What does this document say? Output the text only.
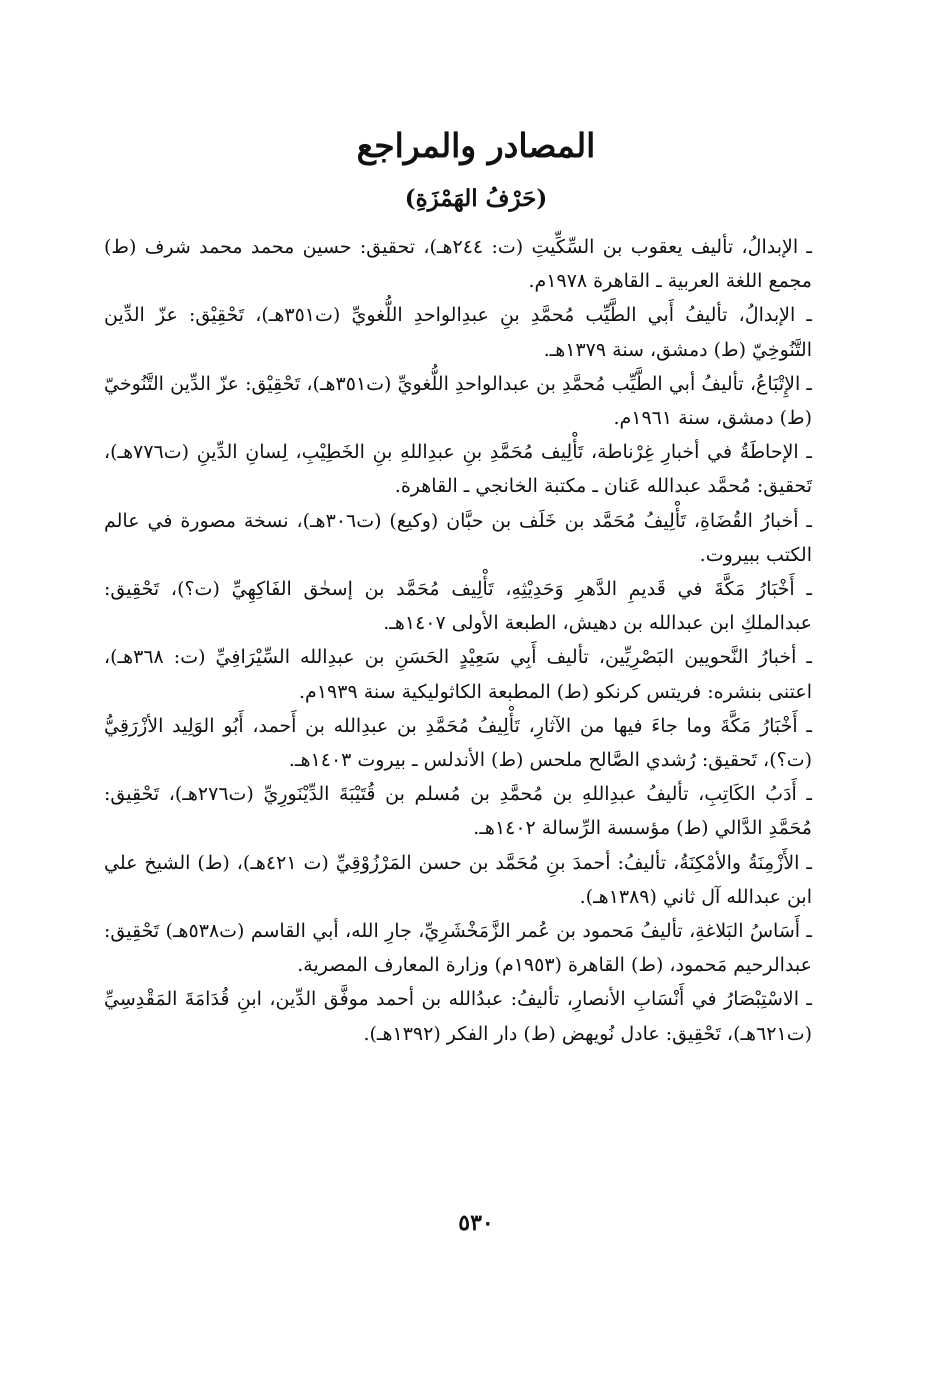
المصادر والمراجع
(حَرْفُ الهَمْزَةِ)
ـ الإبدالُ، تأليف يعقوب بن السِّكِّيتِ (ت: ٢٤٤هـ)، تحقيق: حسين محمد محمد شرف (ط) مجمع اللغة العربية ـ القاهرة ١٩٧٨م.
ـ الإبدالُ، تأليفُ أَبي الطَّيِّب مُحمَّدِ بنِ عبدِالواحدِ اللُّغويِّ (ت٣٥١هـ)، تَحْقِيْق: عزّ الدِّين التَّنُوخِيّ (ط) دمشق، سنة ١٣٧٩هـ.
ـ الإِتْبَاعُ، تأليفُ أبي الطَّيِّب مُحمَّدِ بن عبدالواحدِ اللُّغويِّ (ت٣٥١هـ)، تَحْقِيْق: عزّ الدِّين التَّنُوخيّ (ط) دمشق، سنة ١٩٦١م.
ـ الإحاطَةُ في أخبارِ غِرْناطة، تَأْلِيف مُحَمَّدِ بنِ عبدِاللهِ بنِ الخَطِيْبِ، لِسانِ الدِّينِ (ت٧٧٦هـ)، تَحقيق: مُحمَّد عبدالله عَنان ـ مكتبة الخانجي ـ القاهرة.
ـ أخبارُ القُضَاةِ، تَأْلِيفُ مُحَمَّد بن خَلَف بن حبَّان (وكيع) (ت٣٠٦هـ)، نسخة مصورة في عالم الكتب ببيروت.
ـ أَخْبَارُ مَكَّةَ في قَديمِ الدَّهرِ وَحَدِيْثِهِ، تَأْلِيف مُحَمَّد بن إسحٰق الفَاكِهِيِّ (ت؟)، تَحْقِيق: عبدالملكِ ابن عبدالله بن دهيش، الطبعة الأولى ١٤٠٧هـ.
ـ أخبارُ النَّحويين البَصْرِيِّين، تأليف أَبِي سَعِيْدٍ الحَسَنِ بن عبدِالله السِّيْرَافِيِّ (ت: ٣٦٨هـ)، اعتنى بنشره: فريتس كرنكو (ط) المطبعة الكاثوليكية سنة ١٩٣٩م.
ـ أَخْبَارُ مَكَّةَ وما جاءَ فيها من الآثارِ، تَأْلِيفُ مُحَمَّدِ بن عبدِالله بن أَحمد، أَبُو الوَلِيد الأزْرَقِيُّ (ت؟)، تَحقيق: رُشدي الصَّالح ملحس (ط) الأندلس ـ بيروت ١٤٠٣هـ.
ـ أَدَبُ الكَاتِبِ، تأليفُ عبدِاللهِ بن مُحمَّدِ بن مُسلم بن قُتَيْبَةَ الدِّيْنَورِيِّ (ت٢٧٦هـ)، تَحْقِيق: مُحَمَّدِ الدَّالي (ط) مؤسسة الرِّسالة ١٤٠٢هـ.
ـ الأَزْمِنَةُ والأمْكِنَةُ، تأليفُ: أحمدَ بنِ مُحَمَّد بن حسن المَرْزُوْقِيِّ (ت ٤٢١هـ)، (ط) الشيخ علي ابن عبدالله آل ثاني (١٣٨٩هـ).
ـ أَسَاسُ البَلاغةِ، تأليفُ مَحمود بن عُمر الزَّمَخْشَرِيِّ، جارِ الله، أبي القاسم (ت٥٣٨هـ) تَحْقِيق: عبدالرحيم مَحمود، (ط) القاهرة (١٩٥٣م) وزارة المعارف المصرية.
ـ الاسْتِبْصَارُ في أَنْسَابِ الأنصارِ، تأليفُ: عبدُالله بن أحمد موفَّق الدِّين، ابنِ قُدَامَةَ المَقْدِسِيِّ (ت٦٢١هـ)، تَحْقِيق: عادل نُويهض (ط) دار الفكر (١٣٩٢هـ).
٥٣٠
